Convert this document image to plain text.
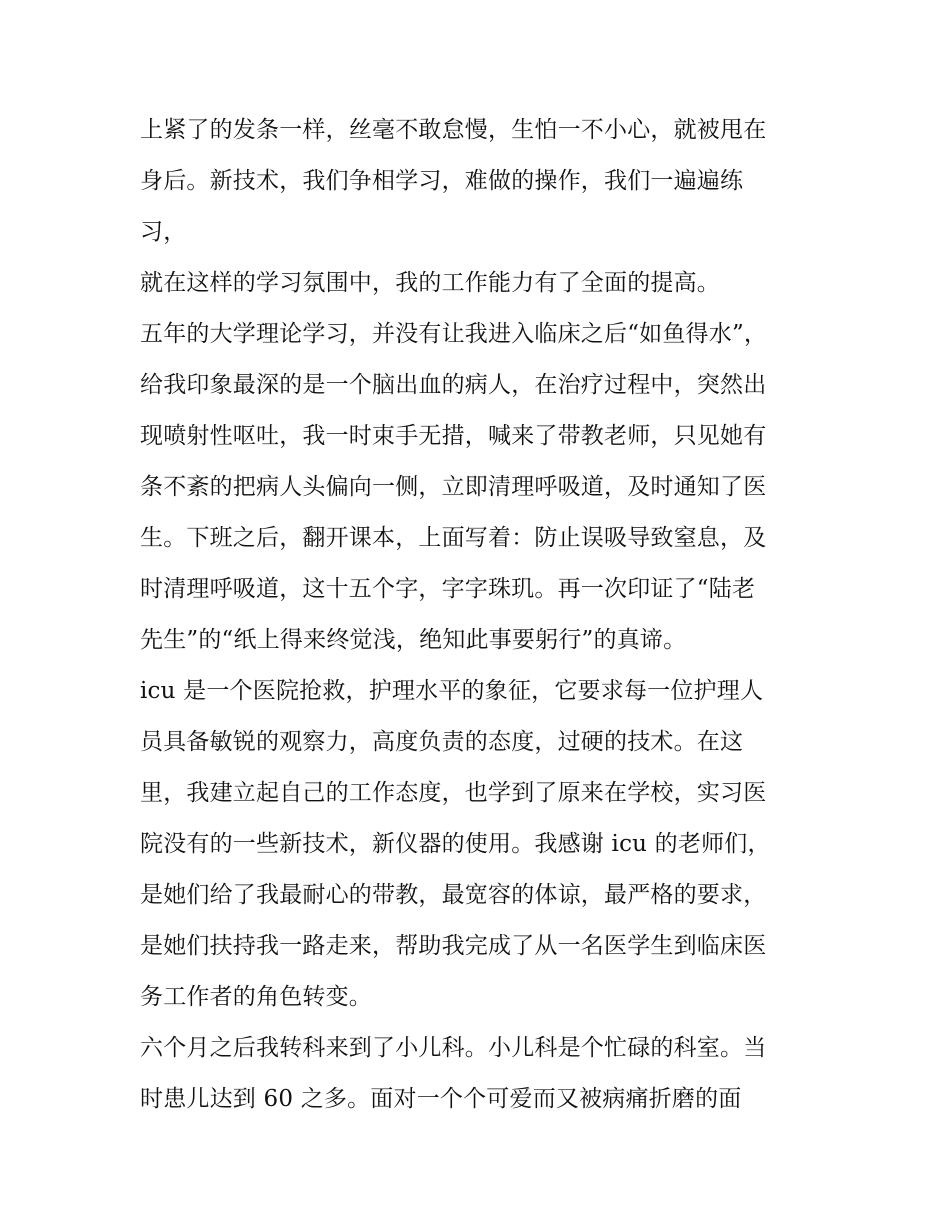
上紧了的发条一样，丝毫不敢怠慢，生怕一不小心，就被甩在
身后。新技术，我们争相学习，难做的操作，我们一遍遍练
习，
就在这样的学习氛围中，我的工作能力有了全面的提高。
五年的大学理论学习，并没有让我进入临床之后“如鱼得水”，
给我印象最深的是一个脑出血的病人，在治疗过程中，突然出
现喷射性呕吐，我一时束手无措，喊来了带教老师，只见她有
条不紊的把病人头偏向一侧，立即清理呼吸道，及时通知了医
生。下班之后，翻开课本，上面写着：防止误吸导致窒息，及
时清理呼吸道，这十五个字，字字珠玑。再一次印证了“陆老
先生”的“纸上得来终觉浅，绝知此事要躬行”的真谛。
icu 是一个医院抢救，护理水平的象征，它要求每一位护理人
员具备敏锐的观察力，高度负责的态度，过硬的技术。在这
里，我建立起自己的工作态度，也学到了原来在学校，实习医
院没有的一些新技术，新仪器的使用。我感谢 icu 的老师们，
是她们给了我最耐心的带教，最宽容的体谅，最严格的要求，
是她们扶持我一路走来，帮助我完成了从一名医学生到临床医
务工作者的角色转变。
六个月之后我转科来到了小儿科。小儿科是个忙碌的科室。当
时患儿达到 60 之多。面对一个个可爱而又被病痛折磨的面
